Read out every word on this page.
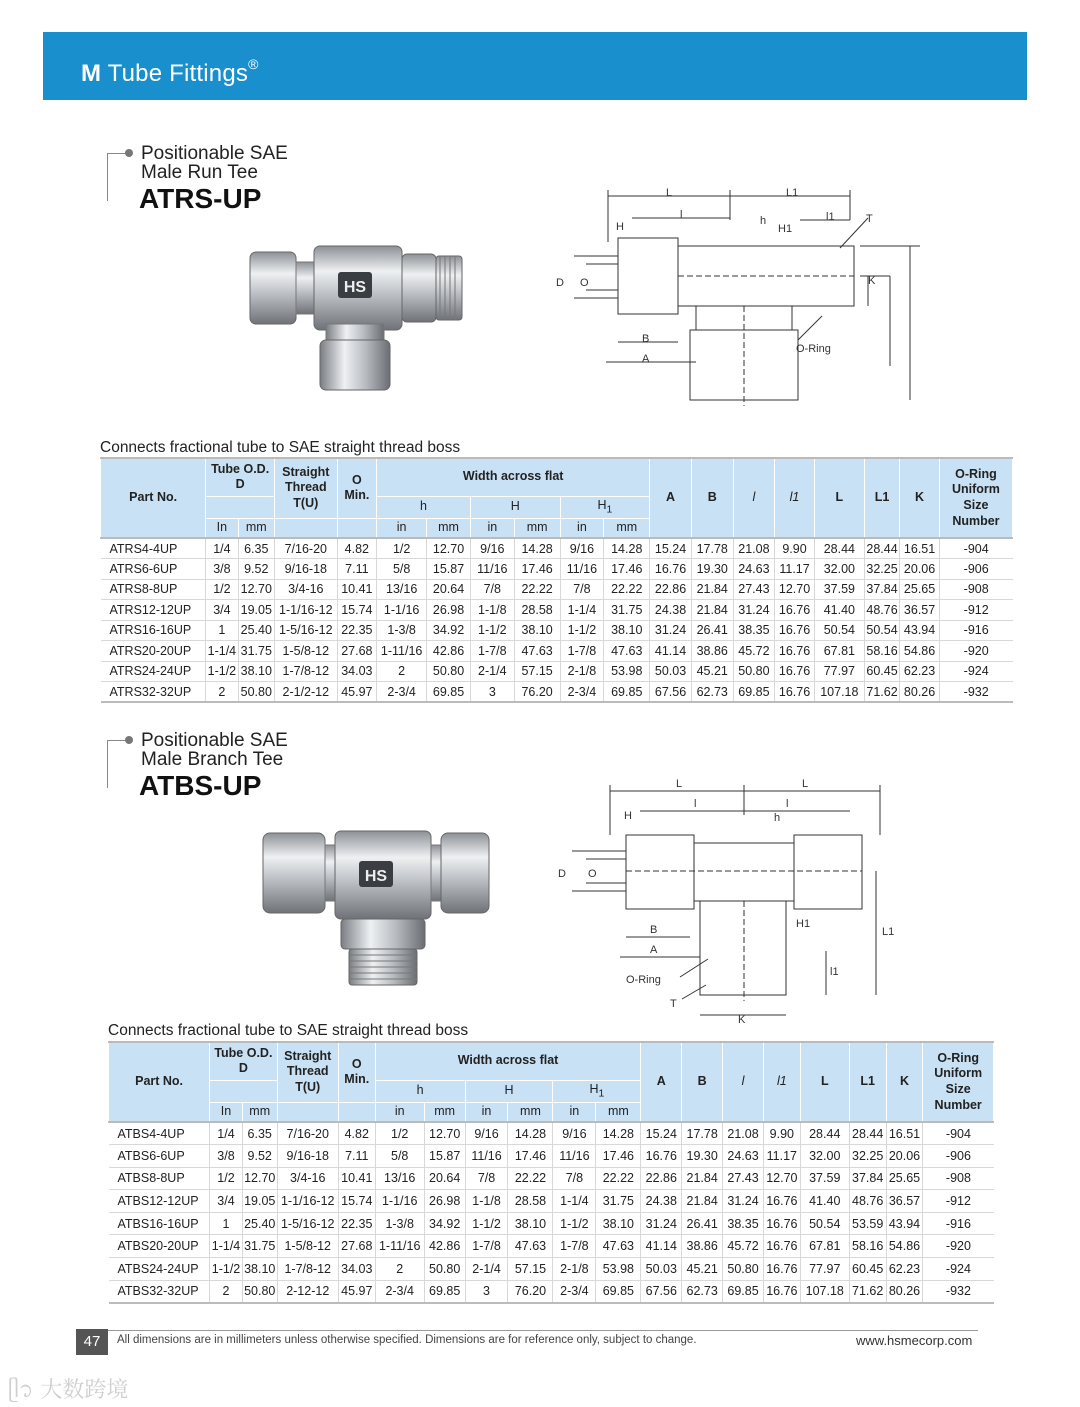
M Tube Fittings®
Positionable SAE
Male Run Tee
ATRS-UP
HS
L	L1
l	l1
h
H	H1
T
D O
B
A
K
O-Ring
Connects fractional tube to SAE straight thread boss
Part No.	Tube O.D.
D		Straight
Thread
T(U)	O
Min.	Width across flat						A	B	l	l1	L	L1	K	O-Ring
Uniform
Size
Number
					h		H		$H_1$
	In	mm			in	mm	in	mm	in	mm								
ATRS4-4UP	1/4	6.35	7/16-20	4.82	1/2	12.70	9/16	14.28	9/16	14.28	15.24	17.78	21.08	9.90	28.44	28.44	16.51	-904
ATRS6-6UP	3/8	9.52	9/16-18	7.11	5/8	15.87	11/16	17.46	11/16	17.46	16.76	19.30	24.63	11.17	32.00	32.25	20.06	-906
ATRS8-8UP	1/2	12.70	3/4-16	10.41	13/16	20.64	7/8	22.22	7/8	22.22	22.86	21.84	27.43	12.70	37.59	37.84	25.65	-908
ATRS12-12UP	3/4	19.05	1-1/16-12	15.74	1-1/16	26.98	1-1/8	28.58	1-1/4	31.75	24.38	21.84	31.24	16.76	41.40	48.76	36.57	-912
ATRS16-16UP	1	25.40	1-5/16-12	22.35	1-3/8	34.92	1-1/2	38.10	1-1/2	38.10	31.24	26.41	38.35	16.76	50.54	50.54	43.94	-916
ATRS20-20UP	1-1/4	31.75	1-5/8-12	27.68	1-11/16	42.86	1-7/8	47.63	1-7/8	47.63	41.14	38.86	45.72	16.76	67.81	58.16	54.86	-920
ATRS24-24UP	1-1/2	38.10	1-7/8-12	34.03	2	50.80	2-1/4	57.15	2-1/8	53.98	50.03	45.21	50.80	16.76	77.97	60.45	62.23	-924
ATRS32-32UP	2	50.80	2-1/2-12	45.97	2-3/4	69.85	3	76.20	2-3/4	69.85	67.56	62.73	69.85	16.76	107.18	71.62	80.26	-932
Positionable SAE
Male Branch Tee
ATBS-UP
HS
L	L
l	l
H	h
H1
D O
B
A
O-Ring
T
K
L1
l1
Connects fractional tube to SAE straight thread boss
Part No.	Tube O.D.
D		Straight
Thread
T(U)	O
Min.	Width across flat						A	B	l	l1	L	L1	K	O-Ring
Uniform
Size
Number
					h		H		$H_1$
	In	mm			in	mm	in	mm	in	mm								
ATBS4-4UP	1/4	6.35	7/16-20	4.82	1/2	12.70	9/16	14.28	9/16	14.28	15.24	17.78	21.08	9.90	28.44	28.44	16.51	-904
ATBS6-6UP	3/8	9.52	9/16-18	7.11	5/8	15.87	11/16	17.46	11/16	17.46	16.76	19.30	24.63	11.17	32.00	32.25	20.06	-906
ATBS8-8UP	1/2	12.70	3/4-16	10.41	13/16	20.64	7/8	22.22	7/8	22.22	22.86	21.84	27.43	12.70	37.59	37.84	25.65	-908
ATBS12-12UP	3/4	19.05	1-1/16-12	15.74	1-1/16	26.98	1-1/8	28.58	1-1/4	31.75	24.38	21.84	31.24	16.76	41.40	48.76	36.57	-912
ATBS16-16UP	1	25.40	1-5/16-12	22.35	1-3/8	34.92	1-1/2	38.10	1-1/2	38.10	31.24	26.41	38.35	16.76	50.54	53.59	43.94	-916
ATBS20-20UP	1-1/4	31.75	1-5/8-12	27.68	1-11/16	42.86	1-7/8	47.63	1-7/8	47.63	41.14	38.86	45.72	16.76	67.81	58.16	54.86	-920
ATBS24-24UP	1-1/2	38.10	1-7/8-12	34.03	2	50.80	2-1/4	57.15	2-1/8	53.98	50.03	45.21	50.80	16.76	77.97	60.45	62.23	-924
ATBS32-32UP	2	50.80	2-12-12	45.97	2-3/4	69.85	3	76.20	2-3/4	69.85	67.56	62.73	69.85	16.76	107.18	71.62	80.26	-932
47	All dimensions are in millimeters unless otherwise specified. Dimensions are for reference only, subject to change.	www.hsmecorp.com
ᥫ᭡ 大数跨境
